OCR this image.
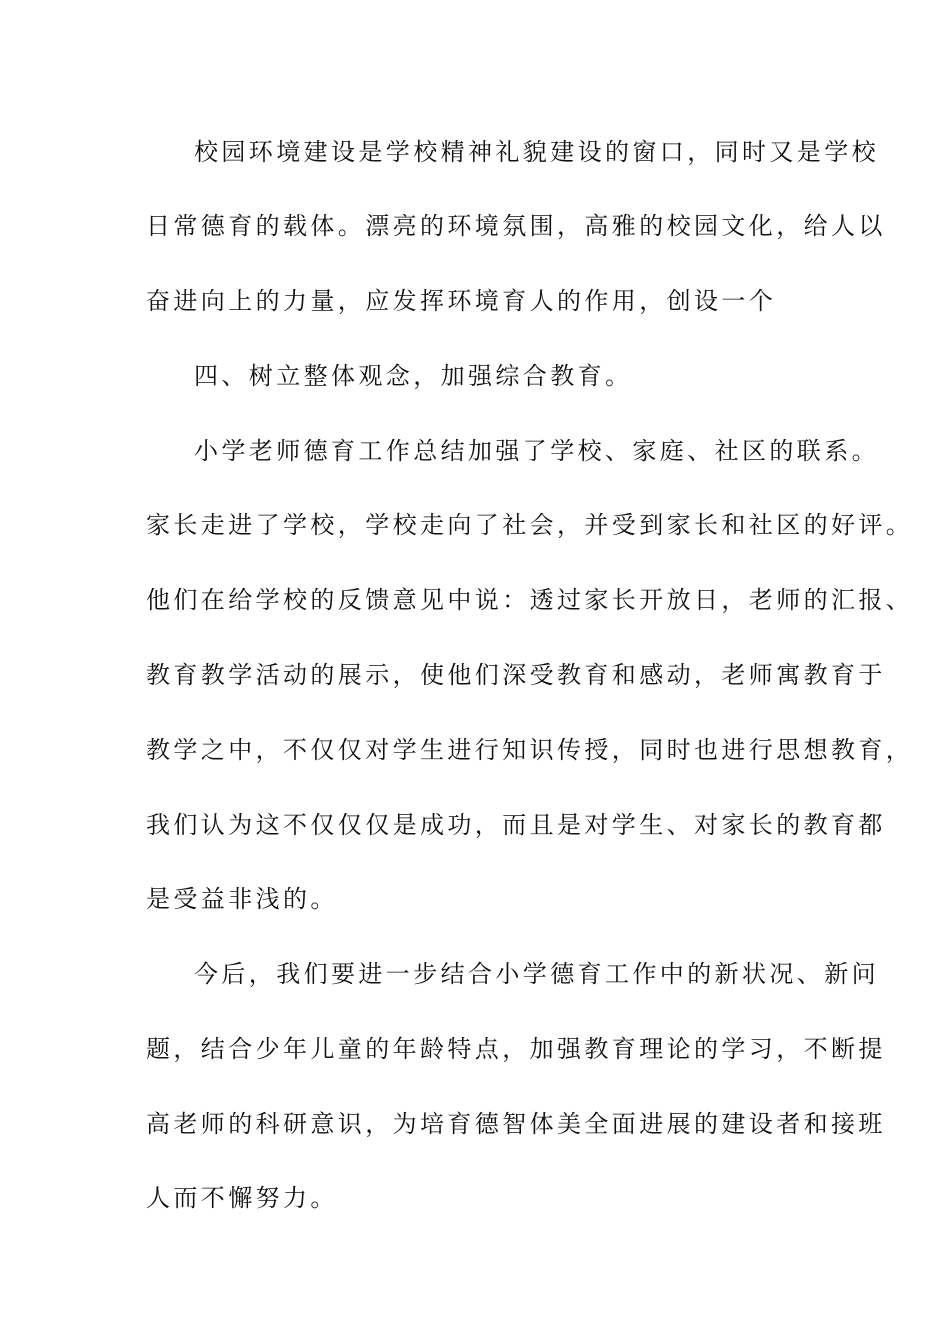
校园环境建设是学校精神礼貌建设的窗口，同时又是学校
日常德育的载体。漂亮的环境氛围，高雅的校园文化，给人以
奋进向上的力量，应发挥环境育人的作用，创设一个
四、树立整体观念，加强综合教育。
小学老师德育工作总结加强了学校、家庭、社区的联系。
家长走进了学校，学校走向了社会，并受到家长和社区的好评。
他们在给学校的反馈意见中说：透过家长开放日，老师的汇报、
教育教学活动的展示，使他们深受教育和感动，老师寓教育于
教学之中，不仅仅对学生进行知识传授，同时也进行思想教育，
我们认为这不仅仅仅是成功，而且是对学生、对家长的教育都
是受益非浅的。
今后，我们要进一步结合小学德育工作中的新状况、新问
题，结合少年儿童的年龄特点，加强教育理论的学习，不断提
高老师的科研意识，为培育德智体美全面进展的建设者和接班
人而不懈努力。
